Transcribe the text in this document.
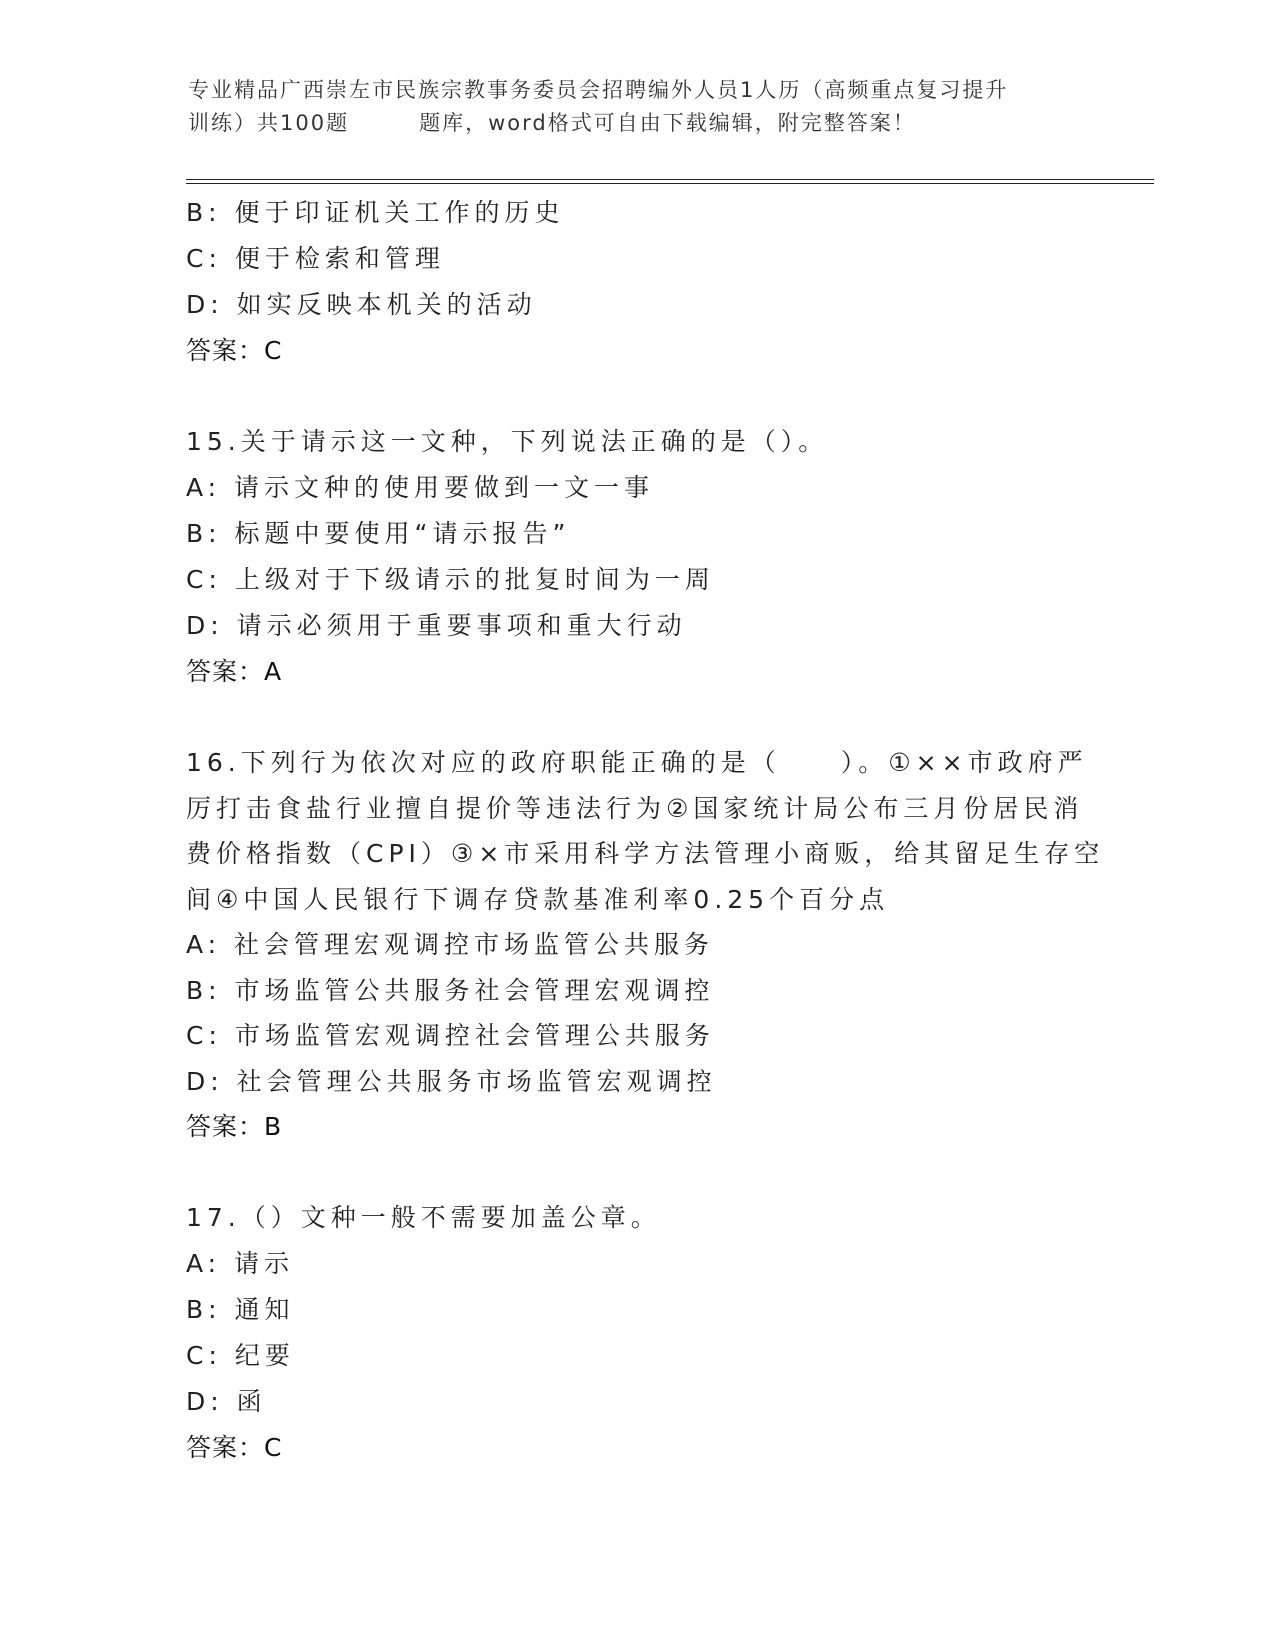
专业精品广西崇左市民族宗教事务委员会招聘编外人员1人历（高频重点复习提升
训练）共100题	题库，word格式可自由下载编辑，附完整答案！
B: 便于印证机关工作的历史
C: 便于检索和管理
D: 如实反映本机关的活动
答案：C
15.关于请示这一文种，下列说法正确的是（）。
A: 请示文种的使用要做到一文一事
B: 标题中要使用“请示报告”
C: 上级对于下级请示的批复时间为一周
D: 请示必须用于重要事项和重大行动
答案：A
16.下列行为依次对应的政府职能正确的是（　　）。①××市政府严
厉打击食盐行业擅自提价等违法行为②国家统计局公布三月份居民消
费价格指数（CPI）③×市采用科学方法管理小商贩，给其留足生存空
间④中国人民银行下调存贷款基准利率0.25个百分点
A: 社会管理宏观调控市场监管公共服务
B: 市场监管公共服务社会管理宏观调控
C: 市场监管宏观调控社会管理公共服务
D: 社会管理公共服务市场监管宏观调控
答案：B
17.（）文种一般不需要加盖公章。
A: 请示
B: 通知
C: 纪要
D: 函
答案：C
